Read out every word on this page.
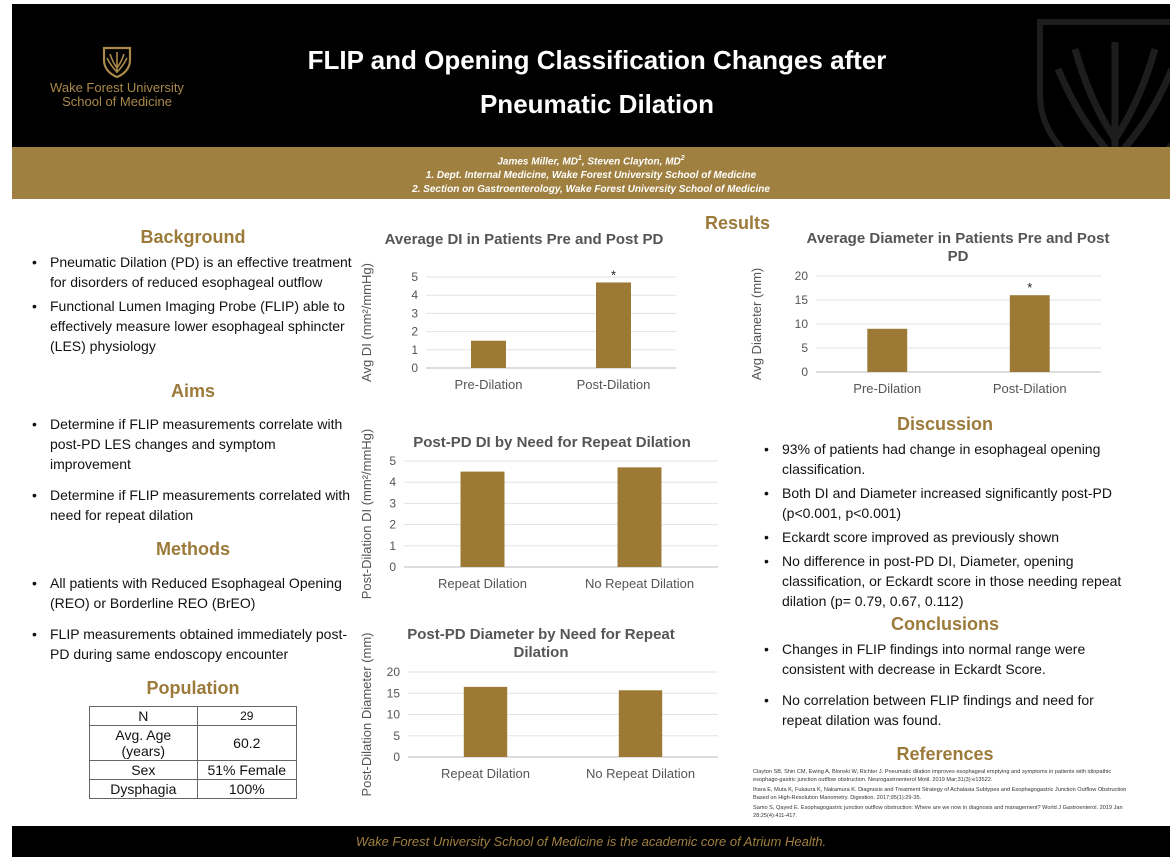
Wake Forest University
School of Medicine
FLIP and Opening Classification Changes after
Pneumatic Dilation
James Miller, $MD^1$, Steven Clayton, $MD^2$
1. Dept. Internal Medicine, Wake Forest University School of Medicine
2. Section on Gastroenterology, Wake Forest University School of Medicine
Background
• Pneumatic Dilation (PD) is an effective treatment for disorders of reduced esophageal outflow
• Functional Lumen Imaging Probe (FLIP) able to effectively measure lower esophageal sphincter (LES) physiology
Aims
• Determine if FLIP measurements correlate with post-PD LES changes and symptom improvement
• Determine if FLIP measurements correlated with need for repeat dilation
Methods
• All patients with Reduced Esophageal Opening (REO) or Borderline REO (BrEO)
• FLIP measurements obtained immediately post-PD during same endoscopy encounter
Population
N	29
Avg. Age (years)	60.2
Sex	51% Female
Dysphagia	100%
Results
0
1
2
3
4
5
Pre-Dilation	Post-Dilation
*
Avg DI (mm²/mmHg)
Average DI in Patients Pre and Post PD
0
5
10
15
20
Pre-Dilation	Post-Dilation
*
Avg Diameter (mm)
Average Diameter in Patients Pre and Post PD
0
1
2
3
4
5
Repeat Dilation	No Repeat Dilation
Post-Dilation DI (mm²/mmHg)	Post-PD DI by Need for Repeat Dilation
0
5
10
15
20
Repeat Dilation	No Repeat Dilation
Post-Dilation Diameter (mm)	Post-PD Diameter by Need for Repeat Dilation
Discussion
• 93% of patients had change in esophageal opening classification.
• Both DI and Diameter increased significantly post-PD (p<0.001, p<0.001)
• Eckardt score improved as previously shown
• No difference in post-PD DI, Diameter, opening classification, or Eckardt score in those needing repeat dilation (p= 0.79, 0.67, 0.112)
Conclusions
• Changes in FLIP findings into normal range were consistent with decrease in Eckardt Score.
• No correlation between FLIP findings and need for repeat dilation was found.
References

Clayton SB, Shin CM, Ewing A, Blonski W, Richter J. Pneumatic dilation improves esophageal emptying and symptoms in patients with idiopathic esophago-gastric junction outflow obstruction. Neurogastroenterol Motil. 2019 Mar;31(3):e13522.

Ihara E, Muta K, Fukaura K, Nakamura K. Diagnosis and Treatment Strategy of Achalasia Subtypes and Esophagogastric Junction Outflow Obstruction Based on High-Resolution Manometry. Digestion. 2017;95(1):29-35.

Samo S, Qayed E. Esophagogastric junction outflow obstruction: Where are we now in diagnosis and management? World J Gastroenterol. 2019 Jan 28;25(4):411-417.

Wake Forest University School of Medicine is the academic core of Atrium Health.
